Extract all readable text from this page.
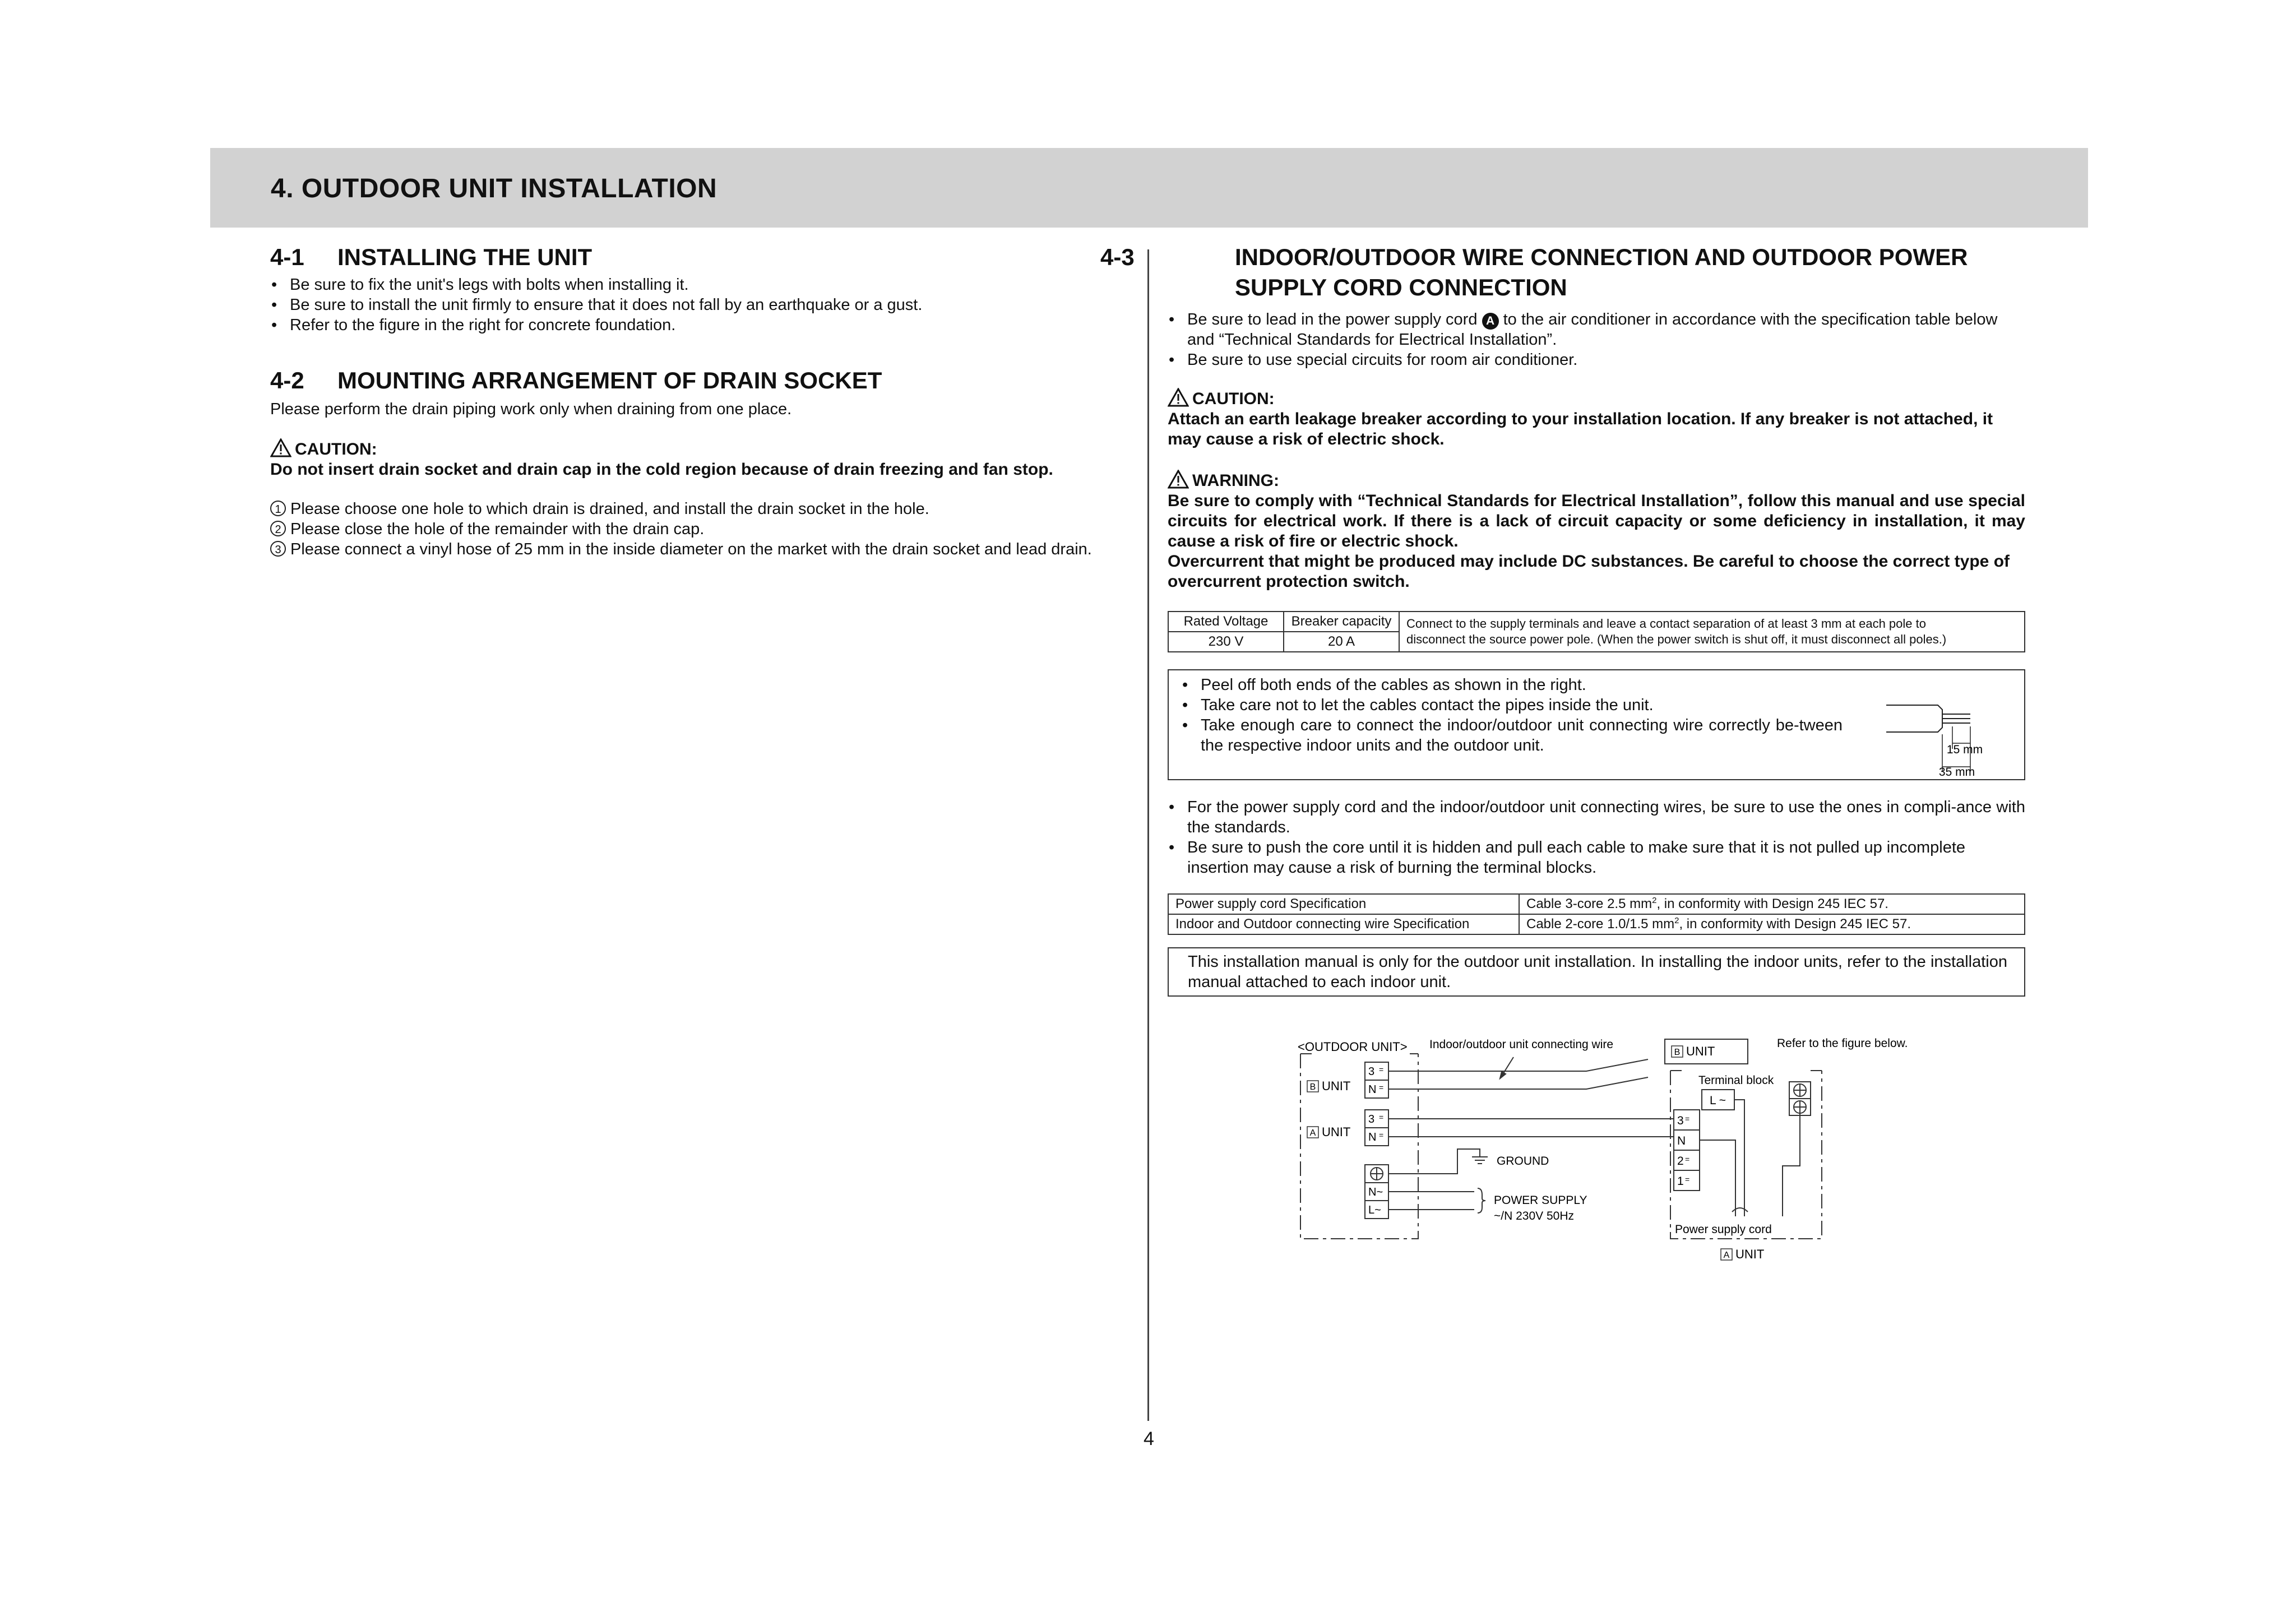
4. OUTDOOR UNIT INSTALLATION
4
4-1 INSTALLING THE UNIT
• Be sure to fix the unit's legs with bolts when installing it.
• Be sure to install the unit firmly to ensure that it does not fall by an earthquake or a gust.
• Refer to the figure in the right for concrete foundation.
4-2 MOUNTING ARRANGEMENT OF DRAIN SOCKET

Please perform the drain piping work only when draining from one place.

CAUTION:

Do not insert drain socket and drain cap in the cold region because of drain freezing and fan stop.

1 Please choose one hole to which drain is drained, and install the drain socket in the hole.
2 Please close the hole of the remainder with the drain cap.
3 Please connect a vinyl hose of 25 mm in the inside diameter on the market with the drain socket and lead drain.
4-3	INDOOR/OUTDOOR WIRE CONNECTION AND OUTDOOR POWER SUPPLY CORD CONNECTION
• Be sure to lead in the power supply cord A to the air conditioner in accordance with the specification table below and “Technical Standards for Electrical Installation”.
• Be sure to use special circuits for room air conditioner.

CAUTION:

Attach an earth leakage breaker according to your installation location. If any breaker is not attached, it may cause a risk of electric shock.

WARNING:

Be sure to comply with “Technical Standards for Electrical Installation”, follow this manual and use special circuits for electrical work. If there is a lack of circuit capacity or some deficiency in installation, it may cause a risk of fire or electric shock.

Overcurrent that might be produced may include DC substances. Be careful to choose the correct type of overcurrent protection switch.

Rated Voltage	Breaker capacity	Connect to the supply terminals and leave a contact separation of at least 3 mm at each pole to
disconnect the source power pole. (When the power switch is shut off, it must disconnect all poles.)

230 V	20 A	
• Peel off both ends of the cables as shown in the right.
• Take care not to let the cables contact the pipes inside the unit.
• Take enough care to connect the indoor/outdoor unit connecting wire correctly be-tween the respective indoor units and the outdoor unit.	15 mm
35 mm
• For the power supply cord and the indoor/outdoor unit connecting wires, be sure to use the ones in compli-ance with the standards.
• Be sure to push the core until it is hidden and pull each cable to make sure that it is not pulled up incomplete insertion may cause a risk of burning the terminal blocks.
Power supply cord Specification	Cable 3-core 2.5 $mm^2$, in conformity with Design 245 IEC 57.
Indoor and Outdoor connecting wire Specification	Cable 2-core 1.0/1.5 $mm^2$, in conformity with Design 245 IEC 57.

This installation manual is only for the outdoor unit installation. In installing the indoor units, refer to the installation manual attached to each indoor unit.

<OUTDOOR UNIT> Indoor/outdoor unit connecting wire	Refer to the figure below.
B UNIT
A UNIT
B UNIT
A UNIT
3
N
3
N
N~
L~
=
=
=
=
GROUND
POWER SUPPLY
~/N 230V 50Hz
Terminal block
L ~
3
N
2
1
=
=
=
Power supply cord
